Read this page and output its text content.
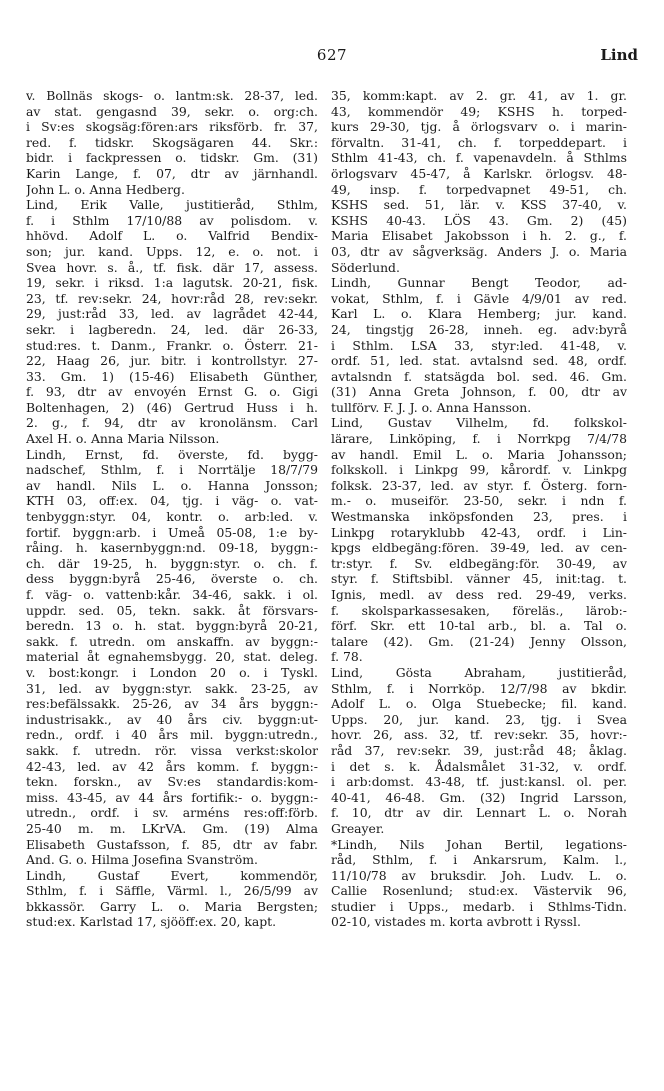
627	Lind
v. Bollnäs skogs- o. lantm:sk. 28-37, led.
av stat. gengasnd 39, sekr. o. org:ch.
i Sv:es skogsäg:fören:ars riksförb. fr. 37,
red. f. tidskr. Skogsägaren 44. Skr.:
bidr. i fackpressen o. tidskr. Gm. (31)
Karin Lange, f. 07, dtr av järnhandl.
John L. o. Anna Hedberg.
Lind, Erik Valle, justitieråd, Sthlm,
f. i Sthlm 17/10/88 av polisdom. v.
hhövd. Adolf L. o. Valfrid Bendix-
son; jur. kand. Upps. 12, e. o. not. i
Svea hovr. s. å., tf. fisk. där 17, assess.
19, sekr. i riksd. 1:a lagutsk. 20-21, fisk.
23, tf. rev:sekr. 24, hovr:råd 28, rev:sekr.
29, just:råd 33, led. av lagrådet 42-44,
sekr. i lagberedn. 24, led. där 26-33,
stud:res. t. Danm., Frankr. o. Österr. 21-
22, Haag 26, jur. bitr. i kontrollstyr. 27-
33. Gm. 1) (15-46) Elisabeth Günther,
f. 93, dtr av envoyén Ernst G. o. Gigi
Boltenhagen, 2) (46) Gertrud Huss i h.
2. g., f. 94, dtr av kronolänsm. Carl
Axel H. o. Anna Maria Nilsson.
Lindh, Ernst, fd. överste, fd. bygg-
nadschef, Sthlm, f. i Norrtälje 18/7/79
av handl. Nils L. o. Hanna Jonsson;
KTH 03, off:ex. 04, tjg. i väg- o. vat-
tenbyggn:styr. 04, kontr. o. arb:led. v.
fortif. byggn:arb. i Umeå 05-08, 1:e by-
råing. h. kasernbyggn:nd. 09-18, byggn:-
ch. där 19-25, h. byggn:styr. o. ch. f.
dess byggn:byrå 25-46, överste o. ch.
f. väg- o. vattenb:kår. 34-46, sakk. i ol.
uppdr. sed. 05, tekn. sakk. åt försvars-
beredn. 13 o. h. stat. byggn:byrå 20-21,
sakk. f. utredn. om anskaffn. av byggn:-
material åt egnahemsbygg. 20, stat. deleg.
v. bost:kongr. i London 20 o. i Tyskl.
31, led. av byggn:styr. sakk. 23-25, av
res:befälssakk. 25-26, av 34 års byggn:-
industrisakk., av 40 års civ. byggn:ut-
redn., ordf. i 40 års mil. byggn:utredn.,
sakk. f. utredn. rör. vissa verkst:skolor
42-43, led. av 42 års komm. f. byggn:-
tekn. forskn., av Sv:es standardis:kom-
miss. 43-45, av 44 års fortifik:- o. byggn:-
utredn., ordf. i sv. arméns res:off:förb.
25-40 m. m. LKrVA. Gm. (19) Alma
Elisabeth Gustafsson, f. 85, dtr av fabr.
And. G. o. Hilma Josefina Svanström.
Lindh, Gustaf Evert, kommendör,
Sthlm, f. i Säffle, Värml. l., 26/5/99 av
bkkassör. Garry L. o. Maria Bergsten;
stud:ex. Karlstad 17, sjööff:ex. 20, kapt.
35, komm:kapt. av 2. gr. 41, av 1. gr.
43, kommendör 49; KSHS h. torped-
kurs 29-30, tjg. å örlogsvarv o. i marin-
förvaltn. 31-41, ch. f. torpeddepart. i
Sthlm 41-43, ch. f. vapenavdeln. å Sthlms
örlogsvarv 45-47, å Karlskr. örlogsv. 48-
49, insp. f. torpedvapnet 49-51, ch.
KSHS sed. 51, lär. v. KSS 37-40, v.
KSHS 40-43. LÖS 43. Gm. 2) (45)
Maria Elisabet Jakobsson i h. 2. g., f.
03, dtr av sågverksäg. Anders J. o. Maria
Söderlund.
Lindh, Gunnar Bengt Teodor, ad-
vokat, Sthlm, f. i Gävle 4/9/01 av red.
Karl L. o. Klara Hemberg; jur. kand.
24, tingstjg 26-28, inneh. eg. adv:byrå
i Sthlm. LSA 33, styr:led. 41-48, v.
ordf. 51, led. stat. avtalsnd sed. 48, ordf.
avtalsndn f. statsägda bol. sed. 46. Gm.
(31) Anna Greta Johnson, f. 00, dtr av
tullförv. F. J. J. o. Anna Hansson.
Lind, Gustav Vilhelm, fd. folkskol-
lärare, Linköping, f. i Norrkpg 7/4/78
av handl. Emil L. o. Maria Johansson;
folkskoll. i Linkpg 99, kårordf. v. Linkpg
folksk. 23-37, led. av styr. f. Österg. forn-
m.- o. museiför. 23-50, sekr. i ndn f.
Westmanska inköpsfonden 23, pres. i
Linkpg rotaryklubb 42-43, ordf. i Lin-
kpgs eldbegäng:fören. 39-49, led. av cen-
tr:styr. f. Sv. eldbegäng:för. 30-49, av
styr. f. Stiftsbibl. vänner 45, init:tag. t.
Ignis, medl. av dess red. 29-49, verks.
f. skolsparkassesaken, föreläs., lärob:-
förf. Skr. ett 10-tal arb., bl. a. Tal o.
talare (42). Gm. (21-24) Jenny Olsson,
f. 78.
Lind, Gösta Abraham, justitieråd,
Sthlm, f. i Norrköp. 12/7/98 av bkdir.
Adolf L. o. Olga Stuebecke; fil. kand.
Upps. 20, jur. kand. 23, tjg. i Svea
hovr. 26, ass. 32, tf. rev:sekr. 35, hovr:-
råd 37, rev:sekr. 39, just:råd 48; åklag.
i det s. k. Ådalsmålet 31-32, v. ordf.
i arb:domst. 43-48, tf. just:kansl. ol. per.
40-41, 46-48. Gm. (32) Ingrid Larsson,
f. 10, dtr av dir. Lennart L. o. Norah
Greayer.
*Lindh, Nils Johan Bertil, legations-
råd, Sthlm, f. i Ankarsrum, Kalm. l.,
11/10/78 av bruksdir. Joh. Ludv. L. o.
Callie Rosenlund; stud:ex. Västervik 96,
studier i Upps., medarb. i Sthlms-Tidn.
02-10, vistades m. korta avbrott i Ryssl.
